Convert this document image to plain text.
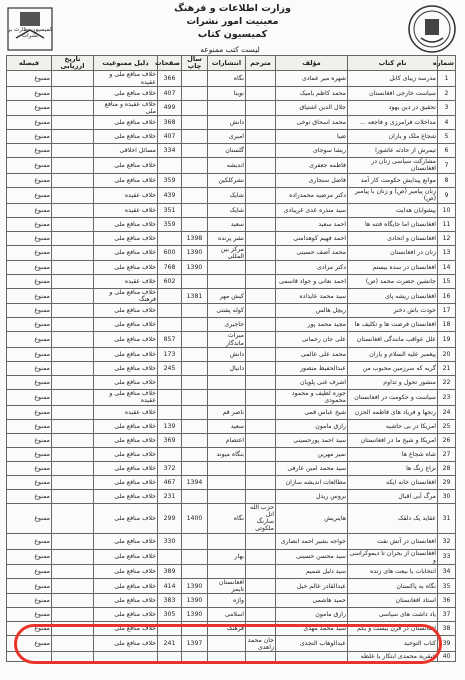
وزارت اطلاعات و فرهنگ
معینیت امور نشرات
کمیسیون کتاب
کمیسیون نظارت بر نشرات
لیست کتب ممنوعه
شماره	نام کتاب	مؤلف	مترجم	انتشارات	سال چاپ	صفحات	دلیل ممنوعیت	تاریخ ارزیابی	فیصله
1	مدرسه زیبای کابل	شهره میر عمادی		نگاه		366	خلاف منافع ملی و عقیده		ممنوع
2	سیاست خارجی افغانستان	محمد کاظم بامیک		نوینا		407	خلاف منافع ملی		ممنوع
3	تحقیق در دین یهود	جلال الدین اشتیاق				499	خلاف عقیده و منافع ملی		ممنوع
4	مداخلات فرامرزی و فاجعه ...	محمد اسحاق توخی		دانش		368	خلاف منافع ملی		ممنوع
5	شجاع ملک و یاران	ضیا		امیری		407	خلاف منافع ملی		ممنوع
6	تیمرش از حادثه عاشورا	ریشا سوجای		گلستان		334	مسائل اخلاقی		ممنوع
7	مشارکت سیاسی زنان در افغانستان	فاطمه جعفری		اندیشه			خلاف منافع ملی		ممنوع
8	موانع پیدایش حکومت کار آمد	فاضل سنجاری		نشرکلکین		359	خلاف منافع ملی		ممنوع
9	زنان پیامبر (ص) و زنان با پیامبر (ص)	دکتر مرضیه محمدزاده		شایک		439	خلاف عقیده		ممنوع
10	پیشوایان هدایت	سید منذره عدی غریبادی		شایک		351	خلاف عقیده		ممنوع
11	افغانستان اما جایگاه فتنه ها	احمد سعید		سعید		359	خلاف منافع ملی		ممنوع
12	افغانستان و اتحادی	احمد فهیم کوهدامنی		نشر پرنده	1398		خلاف منافع ملی		ممنوع
13	زنان در افغانستان	محمد آصف حسینی		مرکز بین المللی	1390	600	خلاف منافع ملی		ممنوع
14	افغانستان در سده بیستم	دکتر مرادی			1390	768	خلاف منافع ملی		ممنوع
15	جانشین حضرت محمد (ص)	احمد نعانی و جواد قاسمی				602	خلاف عقیده		ممنوع
16	افغانستان ریشه پای	سید محمد عایذاده		کیش مهر	1381		خلاف منافع ملی و فرهنگ		ممنوع
17	خودت باش دختر	ریچل هالس		کوله پشتی			خلاف منافع ملی		ممنوع
18	افغانستان فرصت ها و تکلیف ها	مجید محمد پور		جاجیری			خلاف منافع ملی		ممنوع
19	علل عواقب مانندگی افغانستان	علی جان رحمانی		میراث ماندگار		857	خلاف منافع ملی		ممنوع
20	پیغمبر علیه السلام و یاران	محمد علی عالمی		دانش		173	خلاف منافع ملی		ممنوع
21	گریه که سرزمین محبوب من	عبدالحفیظ منصور		دانیال		245	خلاف منافع ملی		ممنوع
22	منشور تحول و تداوم	اشرف غنی پلویان					خلاف منافع ملی		ممنوع
23	سیاست و حکومت در افغانستان	جوره لطیف و محمود محمودی					خلاف منافع ملی و عقیده		ممنوع
24	رنجها و فریاد های فاطمه الحزن	شیخ عباس قمی		ناصر قم			خلاف عقیده		ممنوع
25	امریکا در بی حاشیه	رازق مامون		سعید		139	خلاف منافع ملی		ممنوع
26	امریکا و شیخ ما در افغانستان	سید احمد پورحسینی		اعتصام		369	خلاف منافع ملی		ممنوع
27	شاه شجاع ها	نمیر مهرین		بنگاه میوند			خلاف منافع ملی		ممنوع
28	نزاع رنگ ها	سید محمد امین عارفی				372	خلاف منافع ملی		ممنوع
29	افغانستان خانه ایکه	مطالعات اندیشه سازان			1394	467	خلاف منافع ملی		ممنوع
30	مرگ آبی اقبال	بروس ریدل				231	خلاف منافع ملی		ممنوع
31	عقاید یک دلقک	هاینریش	حزب الله اتل سارنگ ملکوتی	نگاه	1400	299	خلاف منافع ملی		ممنوع
32	افغانستان در آتش نفت	خواجه بشیر احمد انصاری				330	خلاف منافع ملی		ممنوع
33	افغانستان از بحران تا دیموکراسی و	سید محسن حسینی		بهار			خلاف منافع ملی		ممنوع
34	انتخابات یا بیعت های زنده	سید دلیل شمیم				389	خلاف منافع ملی		ممنوع
35	نگاه به پاکستان	عبدالقادر عالم خیل		افغانستان تایمز	1390	414	خلاف منافع ملی		ممنوع
36	استاد افغانستان	حمید هاشمی		واژه	1390	383	خلاف منافع ملی		ممنوع
37	یاد داشت های سیاسی	رازق مامون		اسلامی	1390	305	خلاف منافع ملی		ممنوع
38	افغانستان در قرن بیست و یکم	سید محمد مهدی		فرهنگ			خلاف منافع ملی		ممنوع
39	کتاب التوحید	عبدالوهاب النجدی	جان محمد زاهدی		1397	241	خلاف منافع ملی		ممنوع
40	عبقرية محمدی ابتکار یا علطه								
